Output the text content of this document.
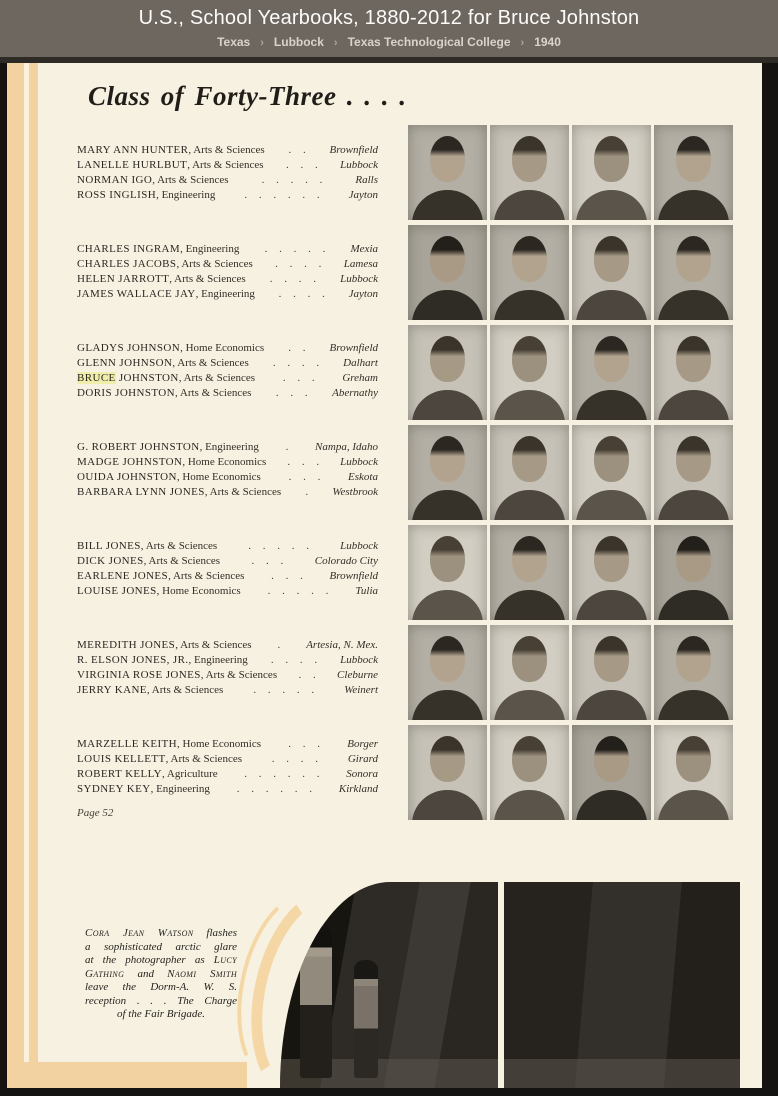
U.S., School Yearbooks, 1880-2012 for Bruce Johnston
Texas › Lubbock › Texas Technological College › 1940
Class of Forty-Three . . . .
MARY ANN HUNTER , Arts & Sciences	. .	Brownfield
LANELLE HURLBUT , Arts & Sciences	. . .	Lubbock
NORMAN IGO , Arts & Sciences	. . . . .	Ralls
ROSS INGLISH , Engineering	. . . . . .	Jayton
CHARLES INGRAM , Engineering	. . . . .	Mexia
CHARLES JACOBS , Arts & Sciences	. . . .	Lamesa
HELEN JARROTT , Arts & Sciences	. . . .	Lubbock
JAMES WALLACE JAY , Engineering	. . . .	Jayton
GLADYS JOHNSON , Home Economics	. .	Brownfield
GLENN JOHNSON , Arts & Sciences	. . . .	Dalhart
BRUCE JOHNSTON , Arts & Sciences	. . .	Greham
DORIS JOHNSTON , Arts & Sciences	. . .	Abernathy
G. ROBERT JOHNSTON , Engineering	.	Nampa, Idaho
MADGE JOHNSTON , Home Economics	. . .	Lubbock
OUIDA JOHNSTON , Home Economics	. . .	Eskota
BARBARA LYNN JONES , Arts & Sciences	.	Westbrook
BILL JONES , Arts & Sciences	. . . . .	Lubbock
DICK JONES , Arts & Sciences	. . .	Colorado City
EARLENE JONES , Arts & Sciences	. . .	Brownfield
LOUISE JONES , Home Economics	. . . . .	Tulia
MEREDITH JONES , Arts & Sciences	.	Artesia, N. Mex.
R. ELSON JONES, JR. , Engineering	. . . .	Lubbock
VIRGINIA ROSE JONES , Arts & Sciences	. .	Cleburne
JERRY KANE , Arts & Sciences	. . . . .	Weinert
MARZELLE KEITH , Home Economics	. . .	Borger
LOUIS KELLETT , Arts & Sciences	. . . .	Girard
ROBERT KELLY , Agriculture	. . . . . .	Sonora
SYDNEY KEY , Engineering	. . . . . .	Kirkland
Page 52
Cora Jean Watson flashes
a sophisticated arctic glare
at the photographer as Lucy
Gathing and Naomi Smith
leave the Dorm-A. W. S.
reception . . . The Charge
of the Fair Brigade.
